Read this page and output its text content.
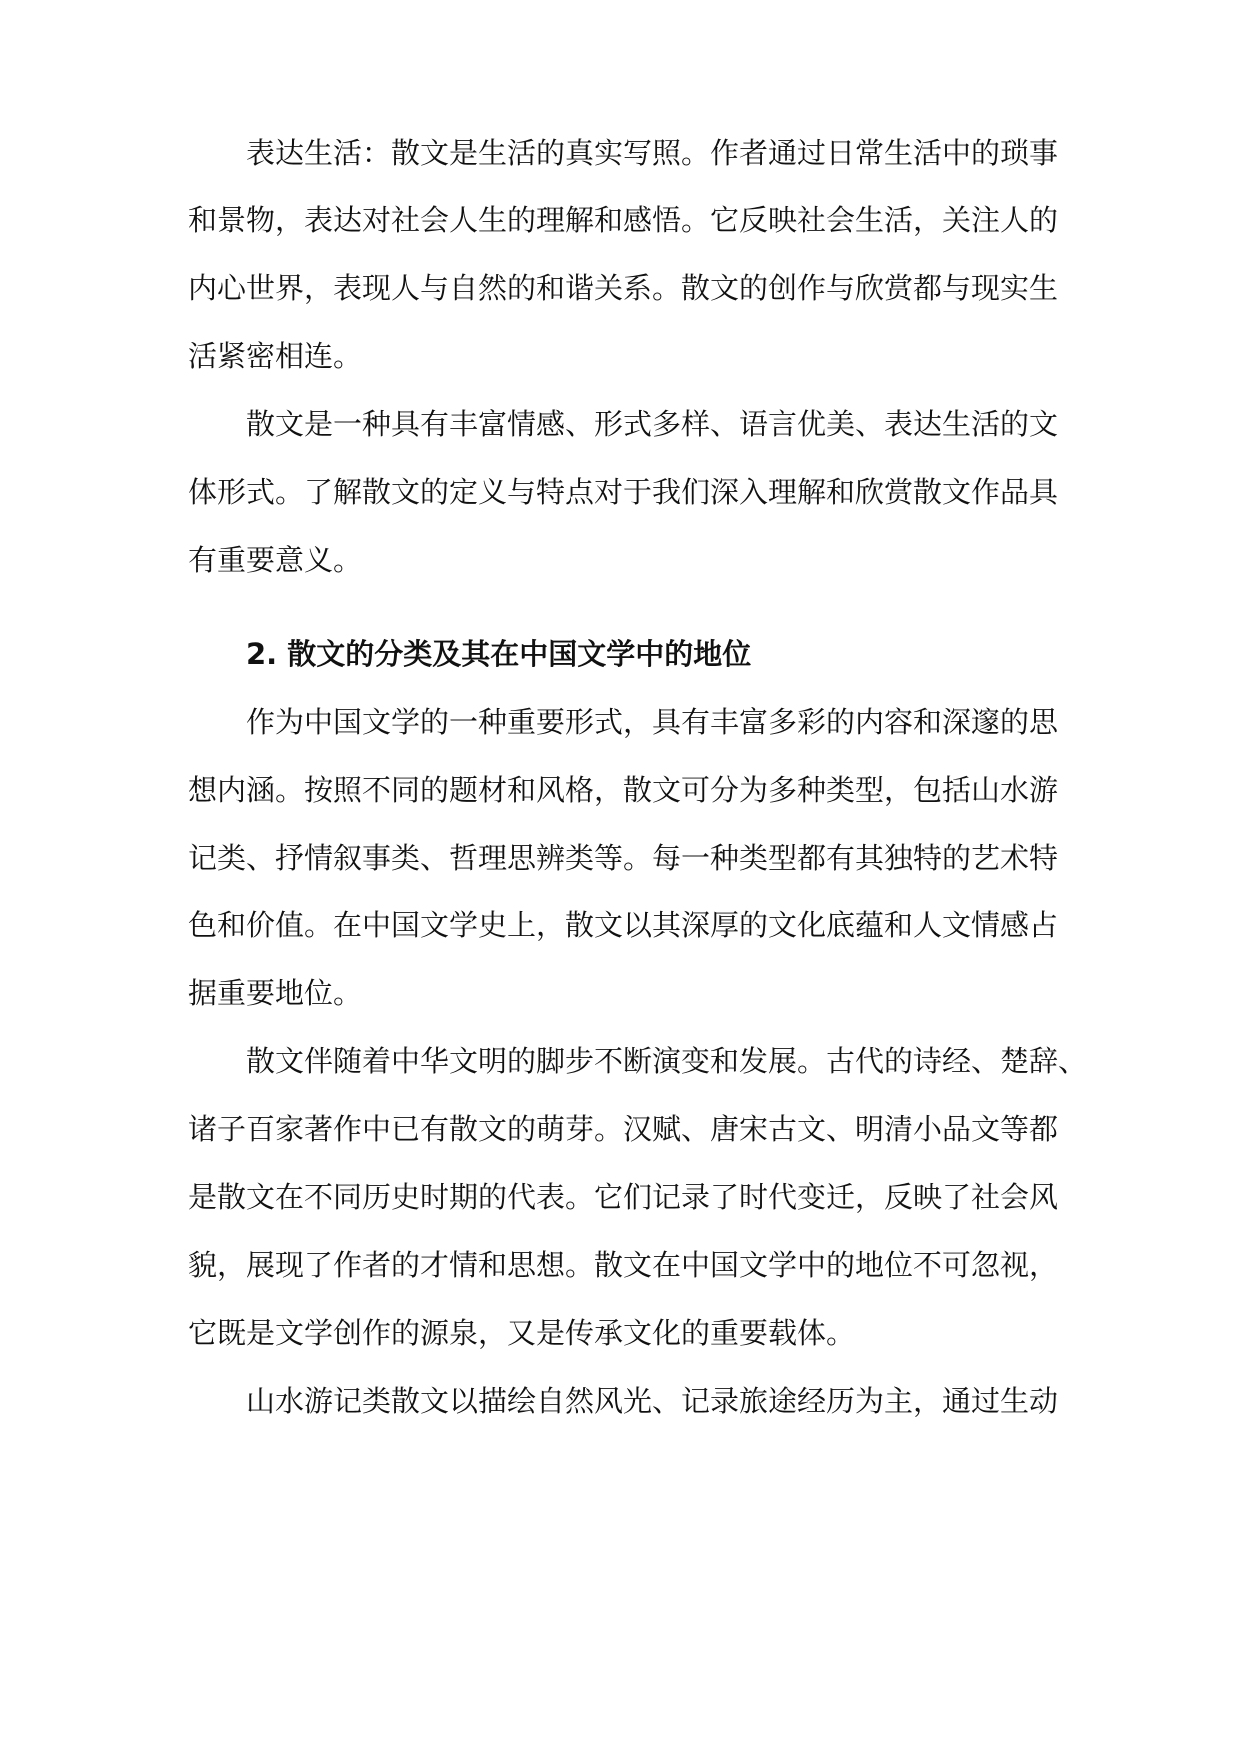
表达生活：散文是生活的真实写照。作者通过日常生活中的琐事
和景物，表达对社会人生的理解和感悟。它反映社会生活，关注人的
内心世界，表现人与自然的和谐关系。散文的创作与欣赏都与现实生
活紧密相连。
散文是一种具有丰富情感、形式多样、语言优美、表达生活的文
体形式。了解散文的定义与特点对于我们深入理解和欣赏散文作品具
有重要意义。
2. 散文的分类及其在中国文学中的地位
作为中国文学的一种重要形式，具有丰富多彩的内容和深邃的思
想内涵。按照不同的题材和风格，散文可分为多种类型，包括山水游
记类、抒情叙事类、哲理思辨类等。每一种类型都有其独特的艺术特
色和价值。在中国文学史上，散文以其深厚的文化底蕴和人文情感占
据重要地位。
散文伴随着中华文明的脚步不断演变和发展。古代的诗经、楚辞、
诸子百家著作中已有散文的萌芽。汉赋、唐宋古文、明清小品文等都
是散文在不同历史时期的代表。它们记录了时代变迁，反映了社会风
貌，展现了作者的才情和思想。散文在中国文学中的地位不可忽视，
它既是文学创作的源泉，又是传承文化的重要载体。
山水游记类散文以描绘自然风光、记录旅途经历为主，通过生动
